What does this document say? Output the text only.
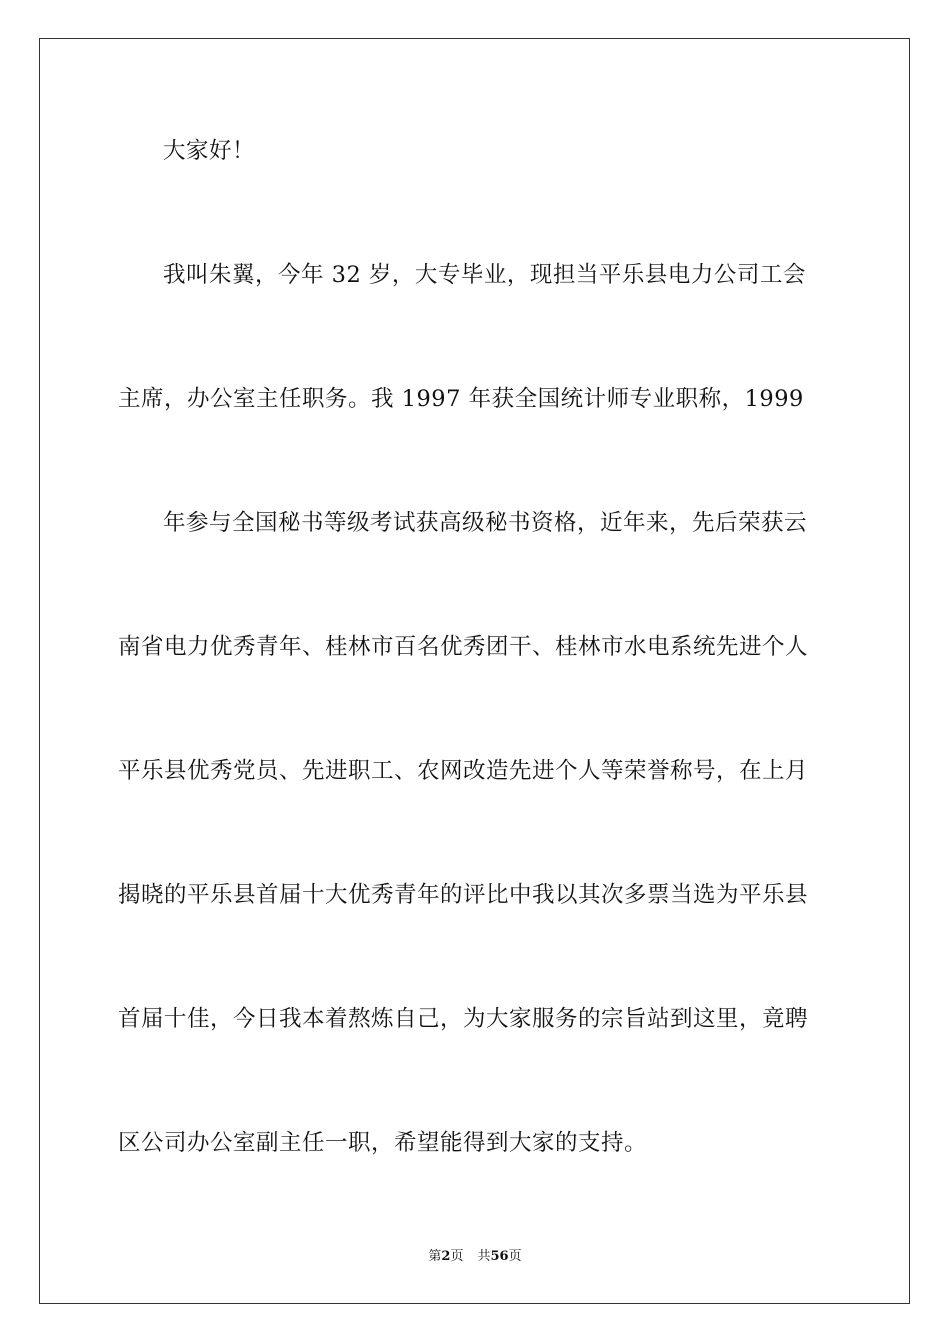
大家好！
我叫朱翼，今年 32 岁，大专毕业，现担当平乐县电力公司工会
主席，办公室主任职务。我 1997 年获全国统计师专业职称，1999
年参与全国秘书等级考试获高级秘书资格，近年来，先后荣获云
南省电力优秀青年、桂林市百名优秀团干、桂林市水电系统先进个人
平乐县优秀党员、先进职工、农网改造先进个人等荣誉称号，在上月
揭晓的平乐县首届十大优秀青年的评比中我以其次多票当选为平乐县
首届十佳，今日我本着熬炼自己，为大家服务的宗旨站到这里，竟聘
区公司办公室副主任一职，希望能得到大家的支持。
第2页 共56页
